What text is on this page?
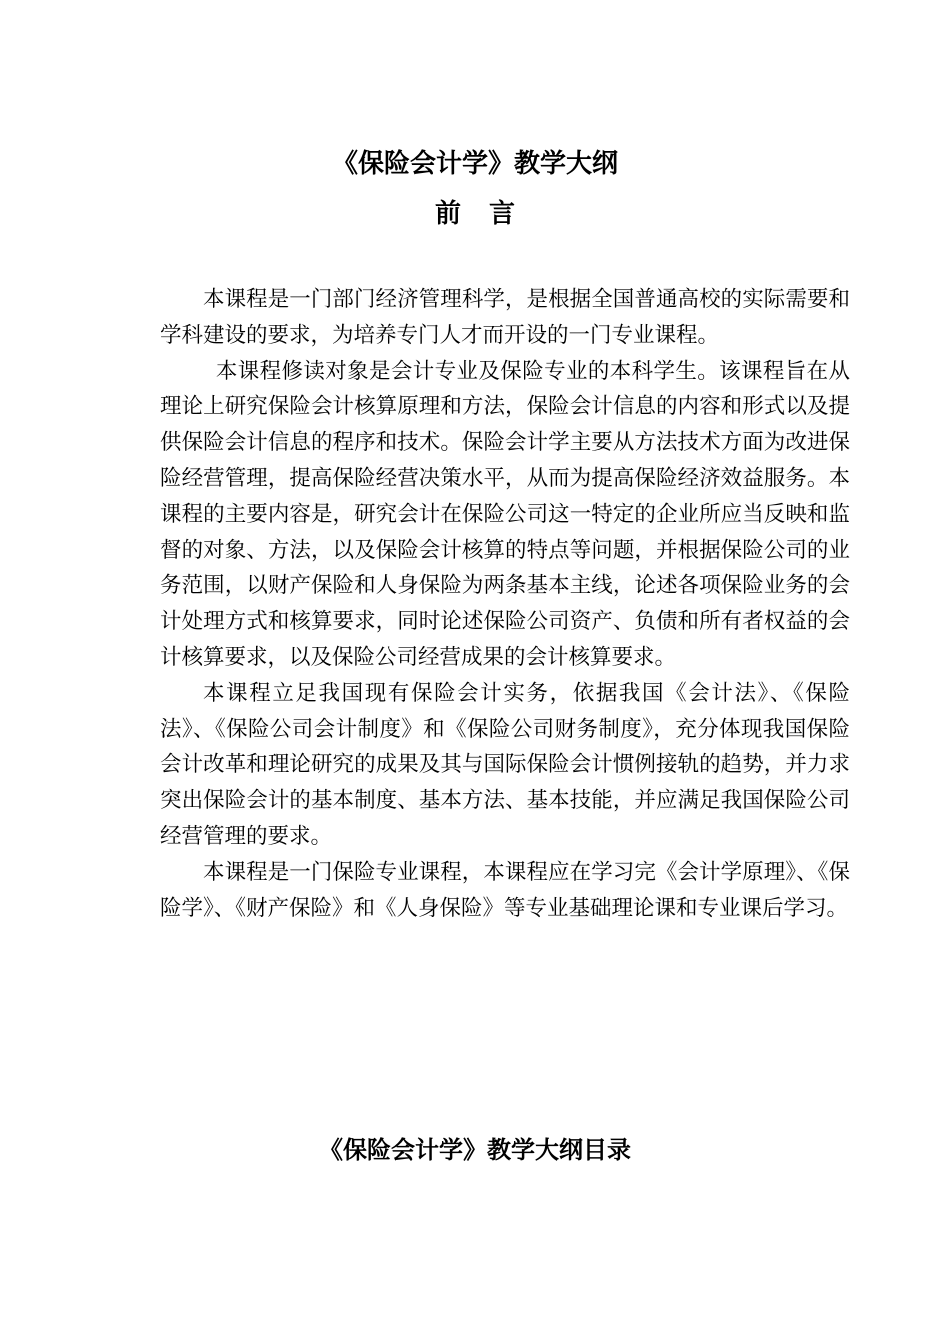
《保险会计学》教学大纲
前言

本课程是一门部门经济管理科学，是根据全国普通高校的实际需要和学科建设的要求，为培养专门人才而开设的一门专业课程。

本课程修读对象是会计专业及保险专业的本科学生。该课程旨在从理论上研究保险会计核算原理和方法，保险会计信息的内容和形式以及提供保险会计信息的程序和技术。保险会计学主要从方法技术方面为改进保险经营管理，提高保险经营决策水平，从而为提高保险经济效益服务。本课程的主要内容是，研究会计在保险公司这一特定的企业所应当反映和监督的对象、方法，以及保险会计核算的特点等问题，并根据保险公司的业务范围，以财产保险和人身保险为两条基本主线，论述各项保险业务的会计处理方式和核算要求，同时论述保险公司资产、负债和所有者权益的会计核算要求，以及保险公司经营成果的会计核算要求。

本课程立足我国现有保险会计实务，依据我国《会计法》、《保险法》、《保险公司会计制度》和《保险公司财务制度》，充分体现我国保险会计改革和理论研究的成果及其与国际保险会计惯例接轨的趋势，并力求突出保险会计的基本制度、基本方法、基本技能，并应满足我国保险公司经营管理的要求。

本课程是一门保险专业课程，本课程应在学习完《会计学原理》、《保险学》、《财产保险》和《人身保险》等专业基础理论课和专业课后学习。

《保险会计学》教学大纲目录
